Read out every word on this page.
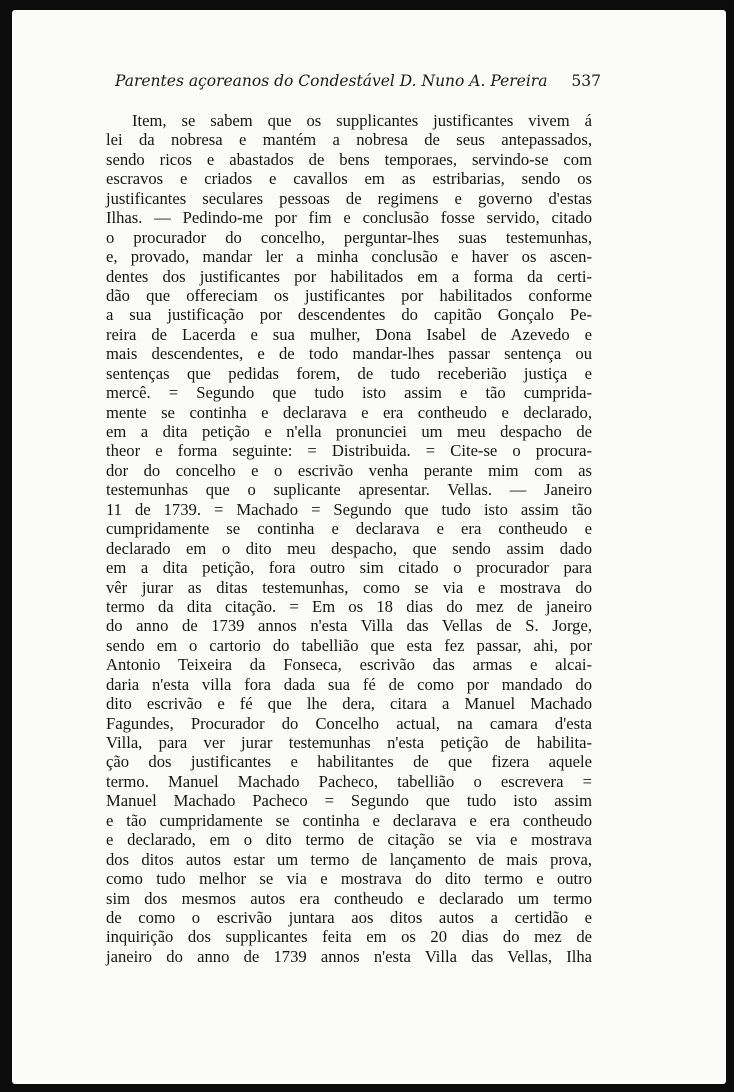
Parentes açoreanos do Condestável D. Nuno A. Pereira 537
Item, se sabem que os supplicantes justificantes vivem á
lei da nobresa e mantém a nobresa de seus antepassados,
sendo ricos e abastados de bens temporaes, servindo-se com
escravos e criados e cavallos em as estribarias, sendo os
justificantes seculares pessoas de regimens e governo d'estas
Ilhas. — Pedindo-me por fim e conclusão fosse servido, citado
o procurador do concelho, perguntar-lhes suas testemunhas,
e, provado, mandar ler a minha conclusão e haver os ascen-
dentes dos justificantes por habilitados em a forma da certi-
dão que offereciam os justificantes por habilitados conforme
a sua justificação por descendentes do capitão Gonçalo Pe-
reira de Lacerda e sua mulher, Dona Isabel de Azevedo e
mais descendentes, e de todo mandar-lhes passar sentença ou
sentenças que pedidas forem, de tudo receberião justiça e
mercê. = Segundo que tudo isto assim e tão cumprida-
mente se continha e declarava e era contheudo e declarado,
em a dita petição e n'ella pronunciei um meu despacho de
theor e forma seguinte: = Distribuida. = Cite-se o procura-
dor do concelho e o escrivão venha perante mim com as
testemunhas que o suplicante apresentar. Vellas. — Janeiro
11 de 1739. = Machado = Segundo que tudo isto assim tão
cumpridamente se continha e declarava e era contheudo e
declarado em o dito meu despacho, que sendo assim dado
em a dita petição, fora outro sim citado o procurador para
vêr jurar as ditas testemunhas, como se via e mostrava do
termo da dita citação. = Em os 18 dias do mez de janeiro
do anno de 1739 annos n'esta Villa das Vellas de S. Jorge,
sendo em o cartorio do tabellião que esta fez passar, ahi, por
Antonio Teixeira da Fonseca, escrivão das armas e alcai-
daria n'esta villa fora dada sua fé de como por mandado do
dito escrivão e fé que lhe dera, citara a Manuel Machado
Fagundes, Procurador do Concelho actual, na camara d'esta
Villa, para ver jurar testemunhas n'esta petição de habilita-
ção dos justificantes e habilitantes de que fizera aquele
termo. Manuel Machado Pacheco, tabellião o escrevera =
Manuel Machado Pacheco = Segundo que tudo isto assim
e tão cumpridamente se continha e declarava e era contheudo
e declarado, em o dito termo de citação se via e mostrava
dos ditos autos estar um termo de lançamento de mais prova,
como tudo melhor se via e mostrava do dito termo e outro
sim dos mesmos autos era contheudo e declarado um termo
de como o escrivão juntara aos ditos autos a certidão e
inquirição dos supplicantes feita em os 20 dias do mez de
janeiro do anno de 1739 annos n'esta Villa das Vellas, Ilha
